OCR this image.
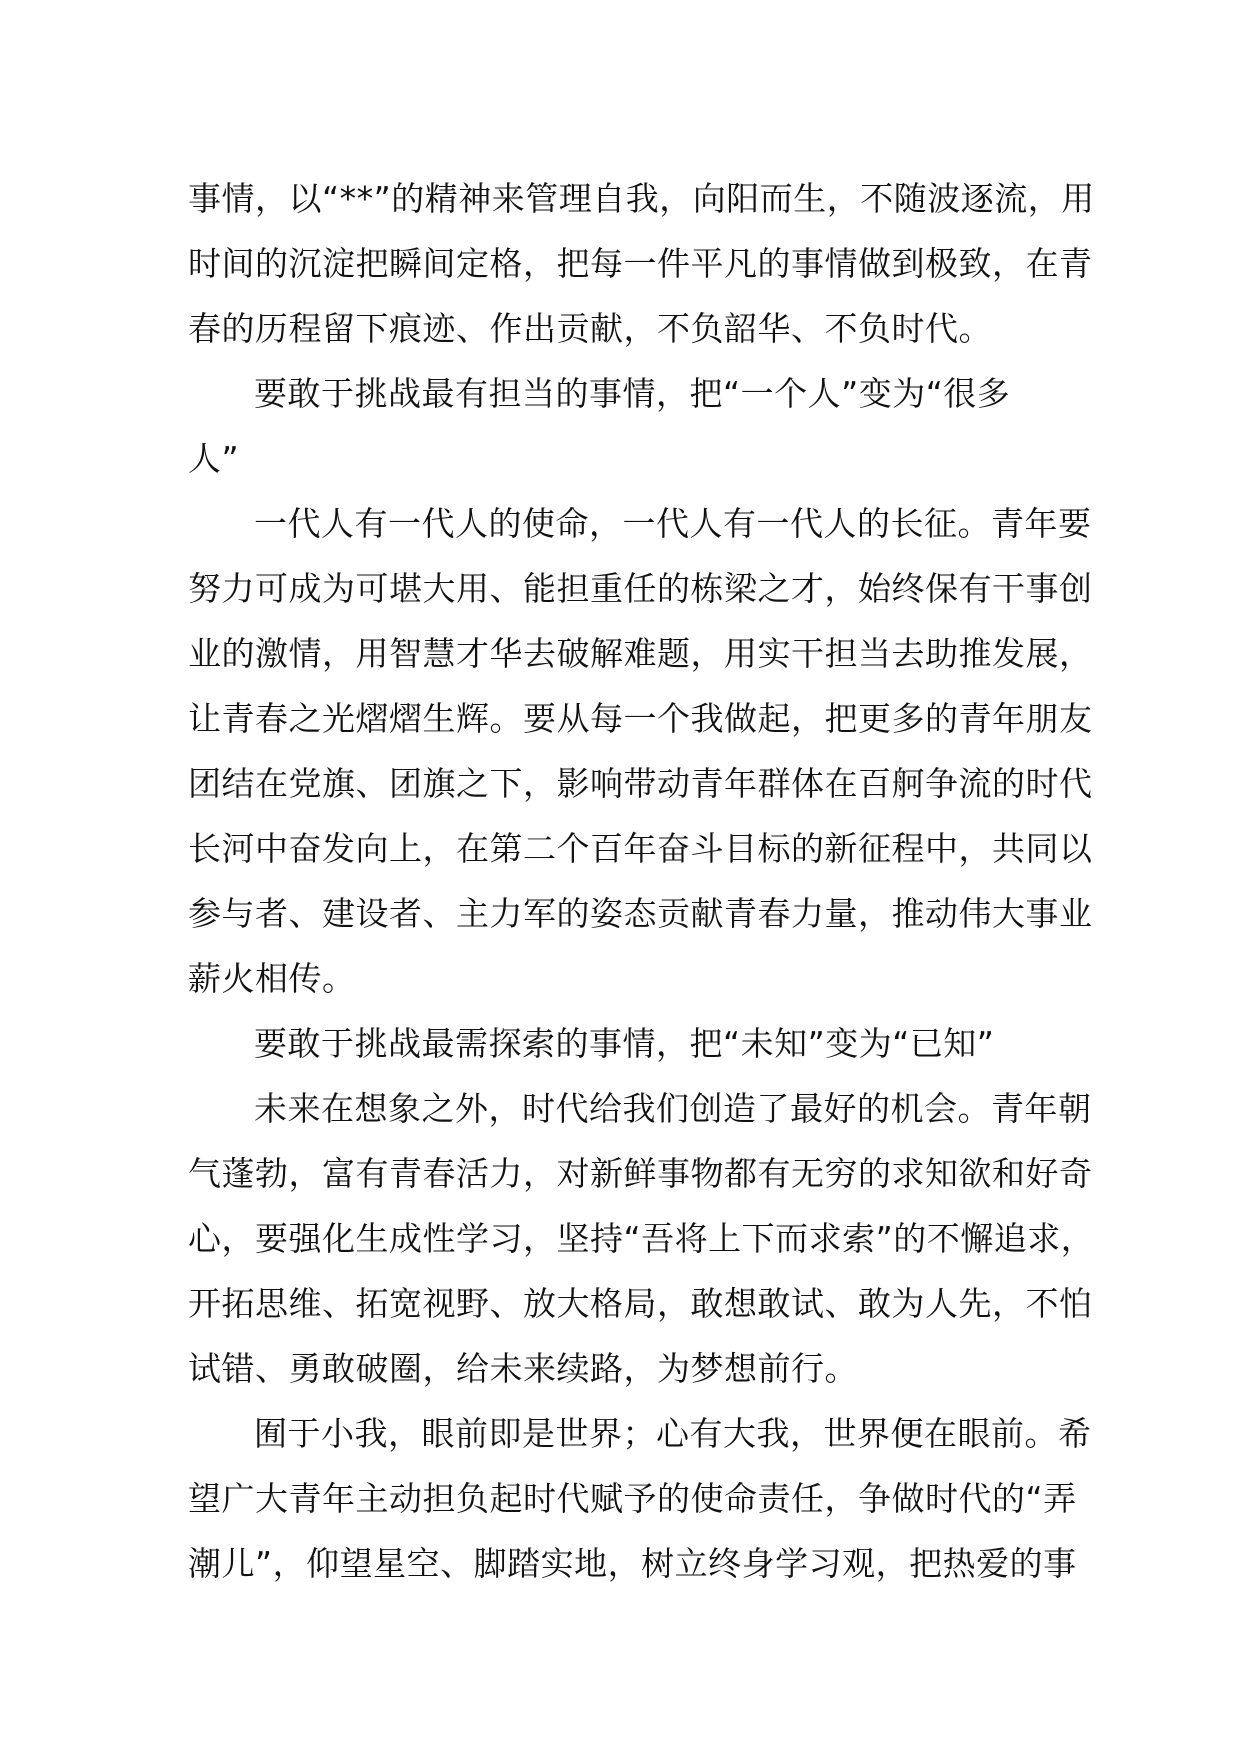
事情，以“**”的精神来管理自我，向阳而生，不随波逐流，用
时间的沉淀把瞬间定格，把每一件平凡的事情做到极致，在青
春的历程留下痕迹、作出贡献，不负韶华、不负时代。

要敢于挑战最有担当的事情，把“一个人”变为“很多
人”

一代人有一代人的使命，一代人有一代人的长征。青年要
努力可成为可堪大用、能担重任的栋梁之才，始终保有干事创
业的激情，用智慧才华去破解难题，用实干担当去助推发展，
让青春之光熠熠生辉。要从每一个我做起，把更多的青年朋友
团结在党旗、团旗之下，影响带动青年群体在百舸争流的时代
长河中奋发向上，在第二个百年奋斗目标的新征程中，共同以
参与者、建设者、主力军的姿态贡献青春力量，推动伟大事业
薪火相传。

要敢于挑战最需探索的事情，把“未知”变为“已知”

未来在想象之外，时代给我们创造了最好的机会。青年朝
气蓬勃，富有青春活力，对新鲜事物都有无穷的求知欲和好奇
心，要强化生成性学习，坚持“吾将上下而求索”的不懈追求，
开拓思维、拓宽视野、放大格局，敢想敢试、敢为人先，不怕
试错、勇敢破圈，给未来续路，为梦想前行。

囿于小我，眼前即是世界；心有大我，世界便在眼前。希
望广大青年主动担负起时代赋予的使命责任，争做时代的“弄
潮儿”，仰望星空、脚踏实地，树立终身学习观，把热爱的事
